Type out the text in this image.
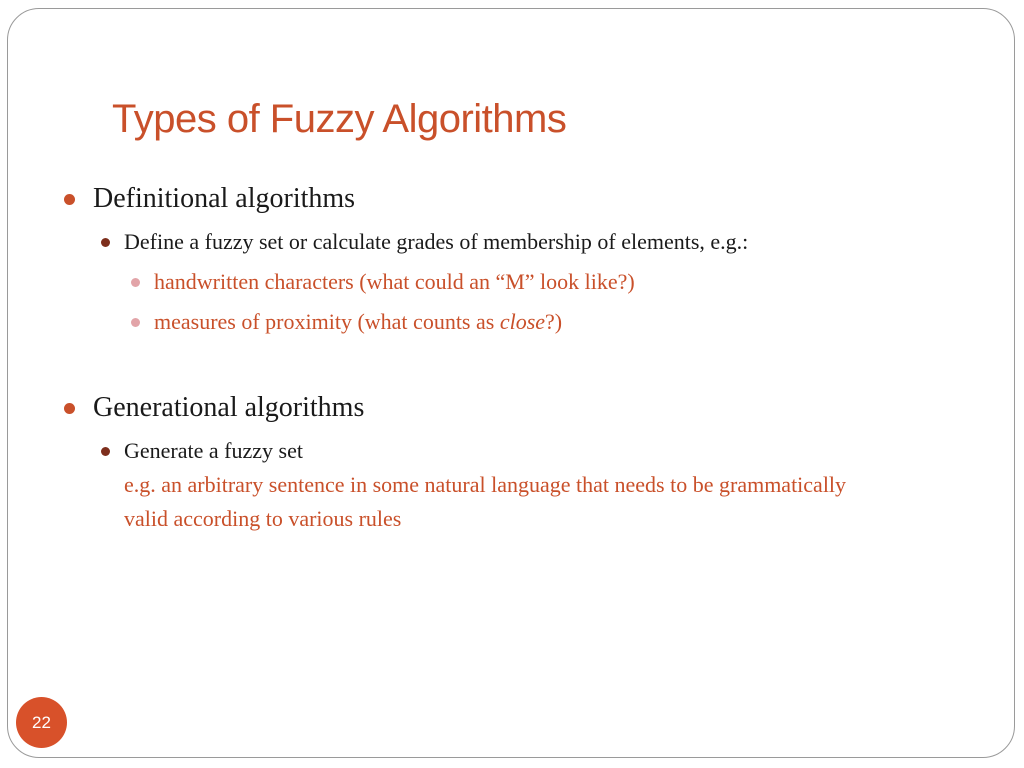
Types of Fuzzy Algorithms
Definitional algorithms
Define a fuzzy set or calculate grades of membership of elements, e.g.:
handwritten characters (what could an “M” look like?)
measures of proximity (what counts as close?)
Generational algorithms
Generate a fuzzy set
e.g. an arbitrary sentence in some natural language that needs to be grammatically
valid according to various rules
22
